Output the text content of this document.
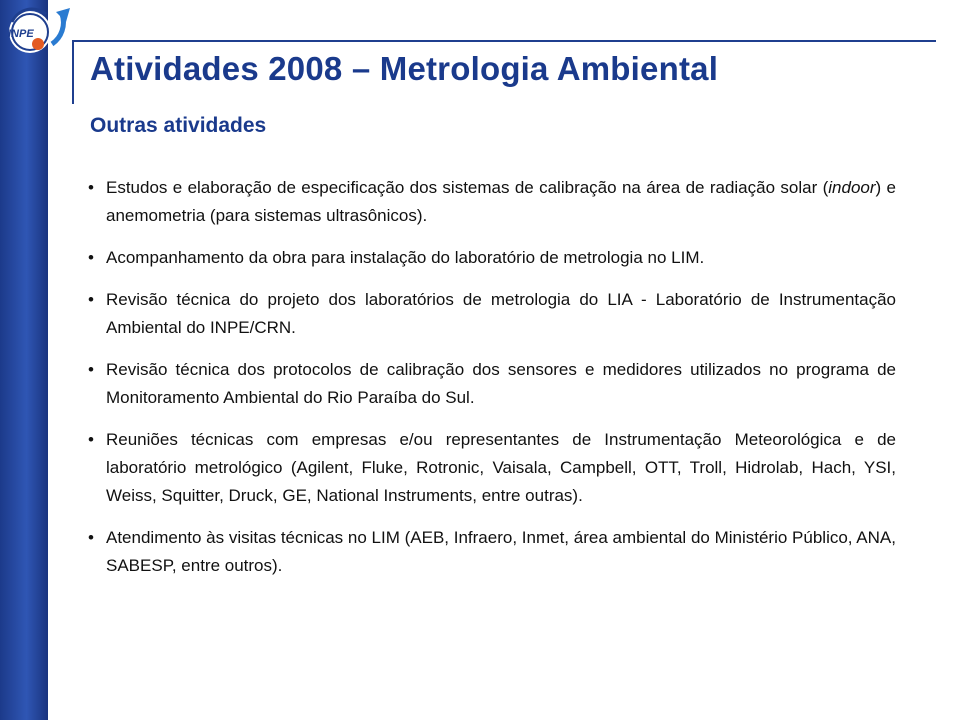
INPE
Atividades 2008 – Metrologia Ambiental
Outras atividades
• Estudos e elaboração de especificação dos sistemas de calibração na área de radiação solar (indoor) e anemometria (para sistemas ultrasônicos).
• Acompanhamento da obra para instalação do laboratório de metrologia no LIM.
• Revisão técnica do projeto dos laboratórios de metrologia do LIA - Laboratório de Instrumentação Ambiental do INPE/CRN.
• Revisão técnica dos protocolos de calibração dos sensores e medidores utilizados no programa de Monitoramento Ambiental do Rio Paraíba do Sul.
• Reuniões técnicas com empresas e/ou representantes de Instrumentação Meteorológica e de laboratório metrológico (Agilent, Fluke, Rotronic, Vaisala, Campbell, OTT, Troll, Hidrolab, Hach, YSI, Weiss, Squitter, Druck, GE, National Instruments, entre outras).
• Atendimento às visitas técnicas no LIM (AEB, Infraero, Inmet, área ambiental do Ministério Público, ANA, SABESP, entre outros).
